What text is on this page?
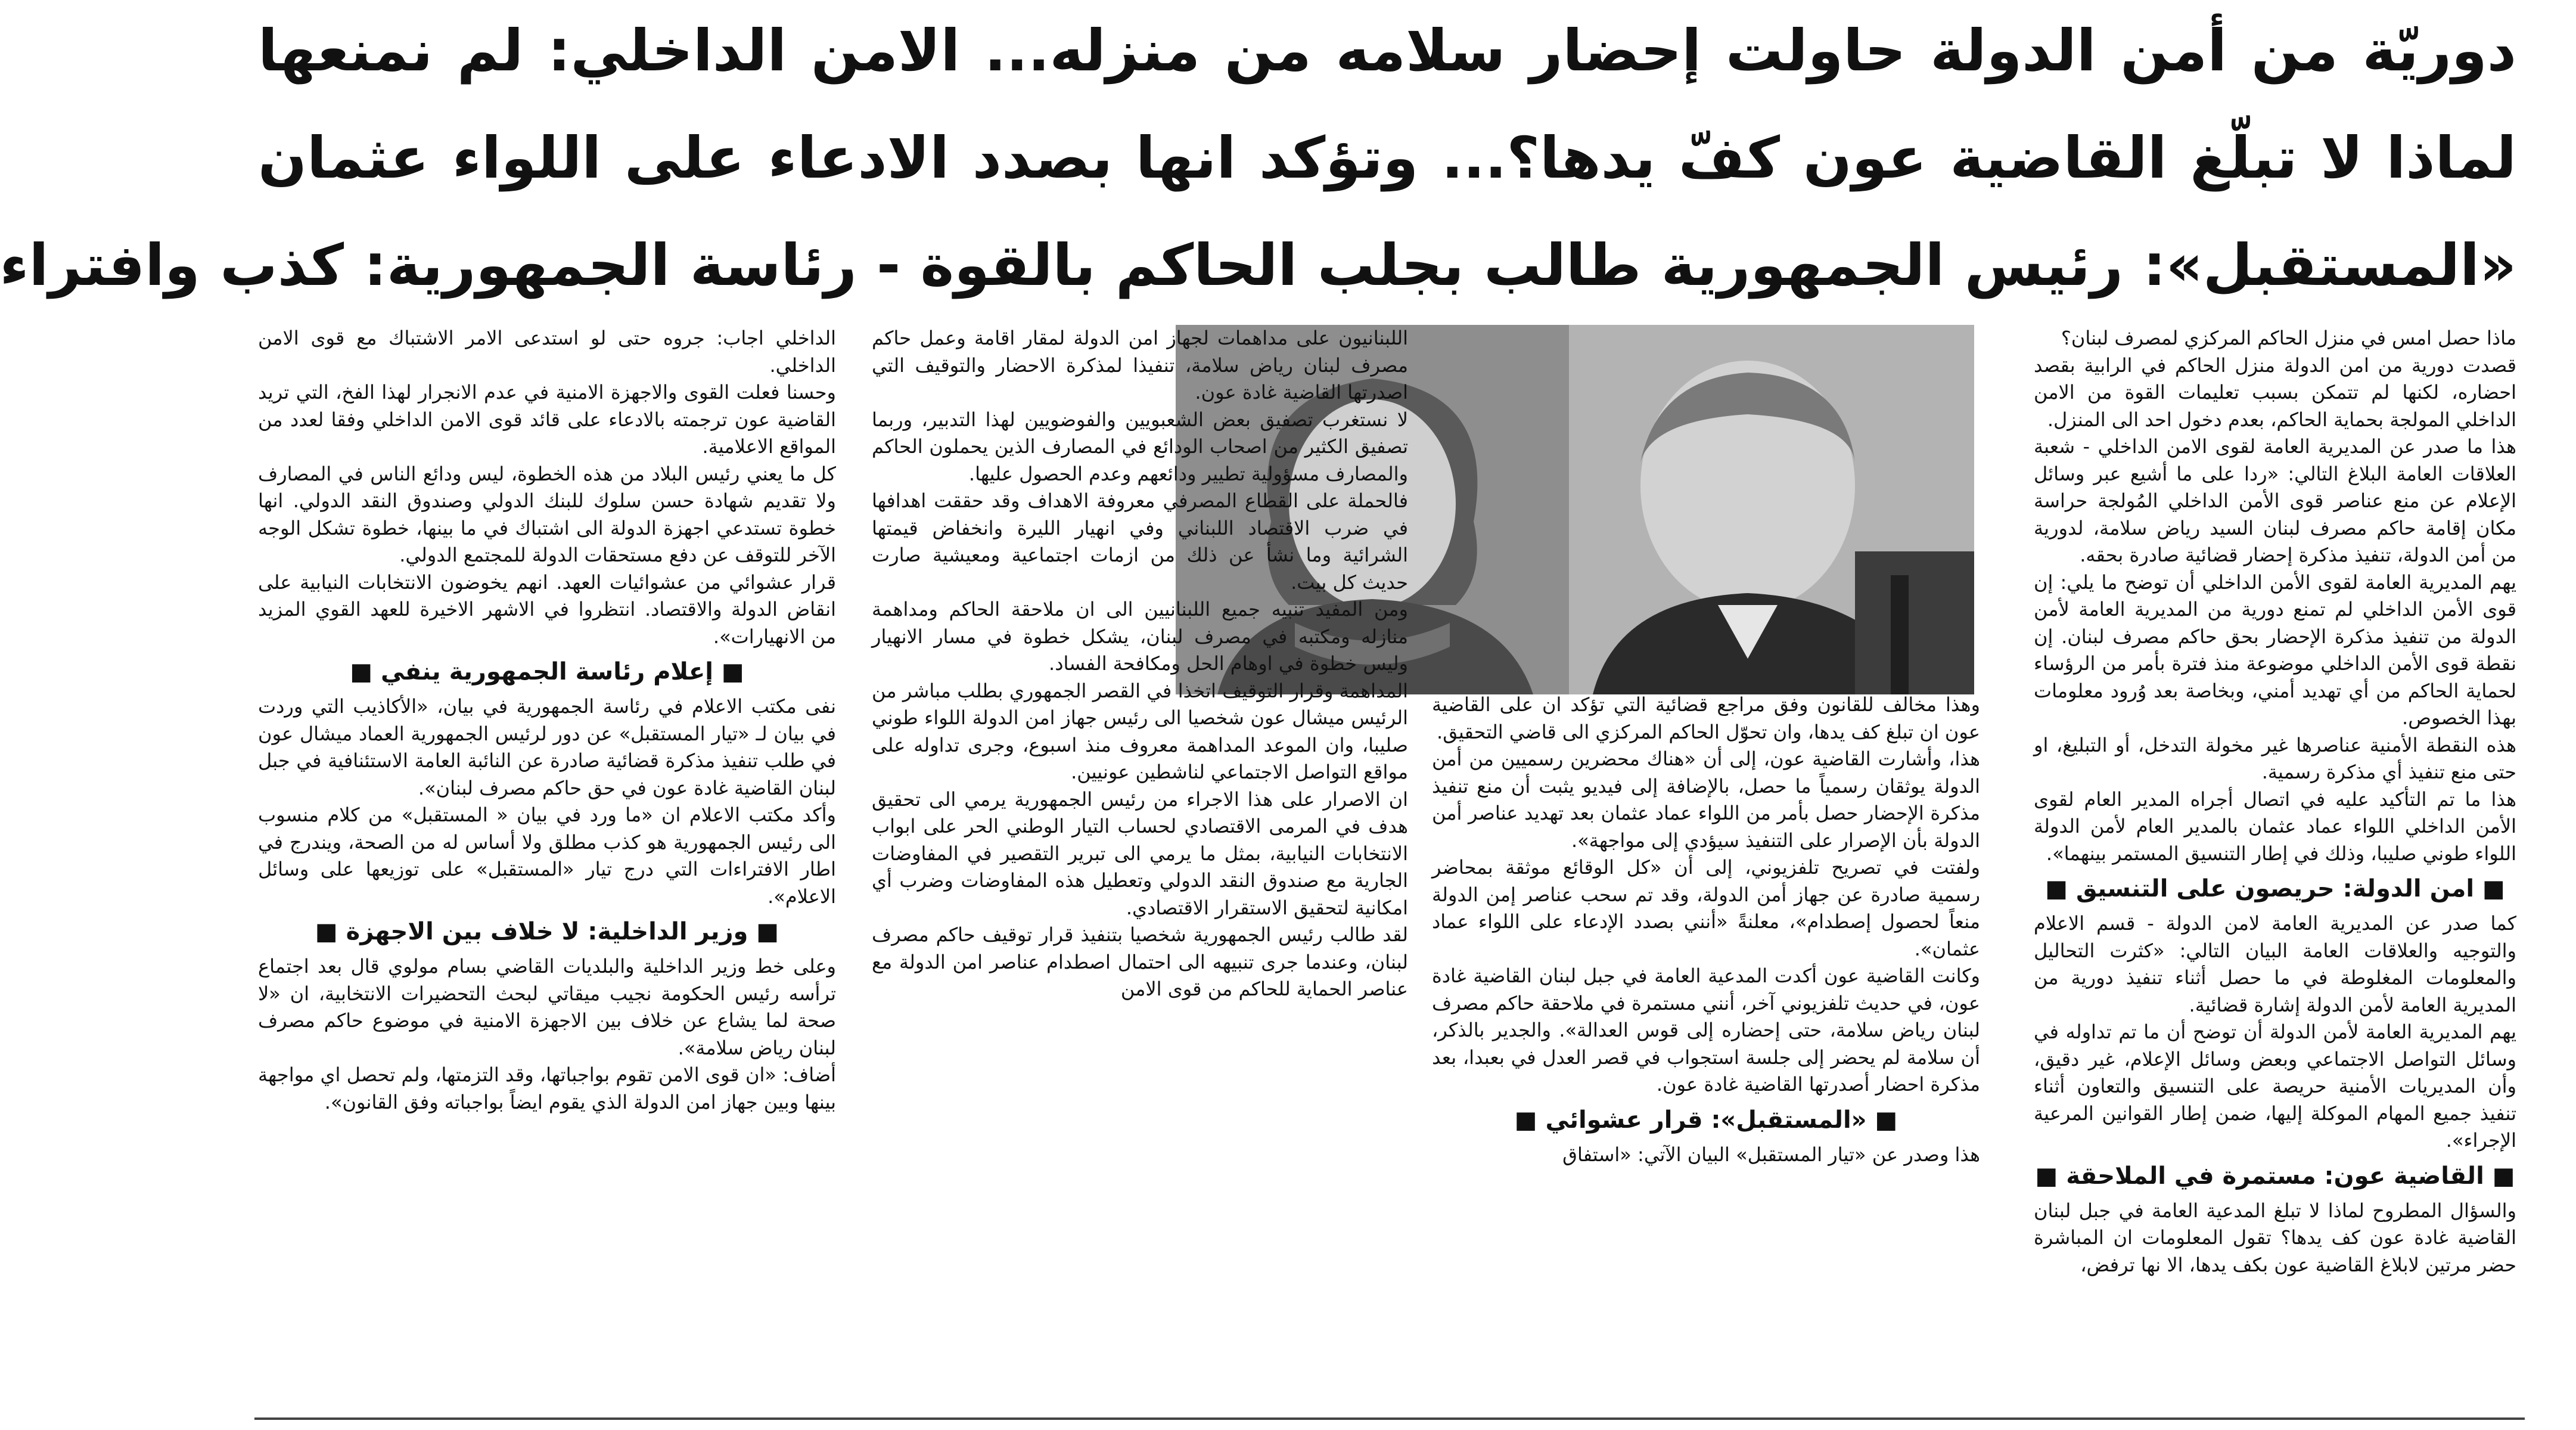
دوريّة من أمن الدولة حاولت إحضار سلامه من منزله... الامن الداخلي: لم نمنعها
لماذا لا تبلّغ القاضية عون كفّ يدها؟... وتؤكد انها بصدد الادعاء على اللواء عثمان
«المستقبل»: رئيس الجمهورية طالب بجلب الحاكم بالقوة - رئاسة الجمهورية: كذب وافتراء

ماذا حصل امس في منزل الحاكم المركزي لمصرف لبنان؟

قصدت دورية من امن الدولة منزل الحاكم في الرابية بقصد احضاره، لكنها لم تتمكن بسبب تعليمات القوة من الامن الداخلي المولجة بحماية الحاكم، بعدم دخول احد الى المنزل.

هذا ما صدر عن المديرية العامة لقوى الامن الداخلي - شعبة العلاقات العامة البلاغ التالي: «ردا على ما أشيع عبر وسائل الإعلام عن منع عناصر قوى الأمن الداخلي المُولجة حراسة مكان إقامة حاكم مصرف لبنان السيد رياض سلامة، لدورية من أمن الدولة، تنفيذ مذكرة إحضار قضائية صادرة بحقه.

يهم المديرية العامة لقوى الأمن الداخلي أن توضح ما يلي: إن قوى الأمن الداخلي لم تمنع دورية من المديرية العامة لأمن الدولة من تنفيذ مذكرة الإحضار بحق حاكم مصرف لبنان. إن نقطة قوى الأمن الداخلي موضوعة منذ فترة بأمر من الرؤساء لحماية الحاكم من أي تهديد أمني، وبخاصة بعد وُرود معلومات بهذا الخصوص.

هذه النقطة الأمنية عناصرها غير مخولة التدخل، أو التبليغ، او حتى منع تنفيذ أي مذكرة رسمية.

هذا ما تم التأكيد عليه في اتصال أجراه المدير العام لقوى الأمن الداخلي اللواء عماد عثمان بالمدير العام لأمن الدولة اللواء طوني صليبا، وذلك في إطار التنسيق المستمر بينهما».

■ امن الدولة: حريصون على التنسيق ■

كما صدر عن المديرية العامة لامن الدولة - قسم الاعلام والتوجيه والعلاقات العامة البيان التالي: «كثرت التحاليل والمعلومات المغلوطة في ما حصل أثناء تنفيذ دورية من المديرية العامة لأمن الدولة إشارة قضائية.

يهم المديرية العامة لأمن الدولة أن توضح أن ما تم تداوله في وسائل التواصل الاجتماعي وبعض وسائل الإعلام، غير دقيق، وأن المديريات الأمنية حريصة على التنسيق والتعاون أثناء تنفيذ جميع المهام الموكلة إليها، ضمن إطار القوانين المرعية الإجراء».

■ القاضية عون: مستمرة في الملاحقة ■

والسؤال المطروح لماذا لا تبلغ المدعية العامة في جبل لبنان القاضية غادة عون كف يدها؟ تقول المعلومات ان المباشرة حضر مرتين لابلاغ القاضية عون بكف يدها، الا نها ترفض،

وهذا مخالف للقانون وفق مراجع قضائية التي تؤكد ان على القاضية عون ان تبلغ كف يدها، وان تحوّل الحاكم المركزي الى قاضي التحقيق.

هذا، وأشارت القاضية عون، إلى أن «هناك محضرين رسميين من أمن الدولة يوثقان رسمياً ما حصل، بالإضافة إلى فيديو يثبت أن منع تنفيذ مذكرة الإحضار حصل بأمر من اللواء عماد عثمان بعد تهديد عناصر أمن الدولة بأن الإصرار على التنفيذ سيؤدي إلى مواجهة».

ولفتت في تصريح تلفزيوني، إلى أن «كل الوقائع موثقة بمحاضر رسمية صادرة عن جهاز أمن الدولة، وقد تم سحب عناصر إمن الدولة منعاً لحصول إصطدام»، معلنةً «أنني بصدد الإدعاء على اللواء عماد عثمان».

وكانت القاضية عون أكدت المدعية العامة في جبل لبنان القاضية غادة عون، في حديث تلفزيوني آخر، أنني مستمرة في ملاحقة حاكم مصرف لبنان رياض سلامة، حتى إحضاره إلى قوس العدالة». والجدير بالذكر، أن سلامة لم يحضر إلى جلسة استجواب في قصر العدل في بعبدا، بعد مذكرة احضار أصدرتها القاضية غادة عون.

■ «المستقبل»: قرار عشوائي ■

هذا وصدر عن «تيار المستقبل» البيان الآتي: «استفاق

اللبنانيون على مداهمات لجهاز امن الدولة لمقار اقامة وعمل حاكم مصرف لبنان رياض سلامة، تنفيذا لمذكرة الاحضار والتوقيف التي اصدرتها القاضية غادة عون.

لا نستغرب تصفيق بعض الشعبويين والفوضويين لهذا التدبير، وربما تصفيق الكثير من اصحاب الودائع في المصارف الذين يحملون الحاكم والمصارف مسؤولية تطيير ودائعهم وعدم الحصول عليها.

فالحملة على القطاع المصرفي معروفة الاهداف وقد حققت اهدافها في ضرب الاقتصاد اللبناني وفي انهيار الليرة وانخفاض قيمتها الشرائية وما نشأ عن ذلك من ازمات اجتماعية ومعيشية صارت حديث كل بيت.

ومن المفيد تنبيه جميع اللبنانيين الى ان ملاحقة الحاكم ومداهمة منازله ومكتبه في مصرف لبنان، يشكل خطوة في مسار الانهيار وليس خطوة في اوهام الحل ومكافحة الفساد.

المداهمة وقرار التوقيف اتخذا في القصر الجمهوري بطلب مباشر من الرئيس ميشال عون شخصيا الى رئيس جهاز امن الدولة اللواء طوني صليبا، وان الموعد المداهمة معروف منذ اسبوع، وجرى تداوله على مواقع التواصل الاجتماعي لناشطين عونيين.

ان الاصرار على هذا الاجراء من رئيس الجمهورية يرمي الى تحقيق هدف في المرمى الاقتصادي لحساب التيار الوطني الحر على ابواب الانتخابات النيابية، بمثل ما يرمي الى تبرير التقصير في المفاوضات الجارية مع صندوق النقد الدولي وتعطيل هذه المفاوضات وضرب أي امكانية لتحقيق الاستقرار الاقتصادي.

لقد طالب رئيس الجمهورية شخصيا بتنفيذ قرار توقيف حاكم مصرف لبنان، وعندما جرى تنبيهه الى احتمال اصطدام عناصر امن الدولة مع عناصر الحماية للحاكم من قوى الامن

الداخلي اجاب: جروه حتى لو استدعى الامر الاشتباك مع قوى الامن الداخلي.

وحسنا فعلت القوى والاجهزة الامنية في عدم الانجرار لهذا الفخ، التي تريد القاضية عون ترجمته بالادعاء على قائد قوى الامن الداخلي وفقا لعدد من المواقع الاعلامية.

كل ما يعني رئيس البلاد من هذه الخطوة، ليس ودائع الناس في المصارف ولا تقديم شهادة حسن سلوك للبنك الدولي وصندوق النقد الدولي. انها خطوة تستدعي اجهزة الدولة الى اشتباك في ما بينها، خطوة تشكل الوجه الآخر للتوقف عن دفع مستحقات الدولة للمجتمع الدولي.

قرار عشوائي من عشوائيات العهد. انهم يخوضون الانتخابات النيابية على انقاض الدولة والاقتصاد. انتظروا في الاشهر الاخيرة للعهد القوي المزيد من الانهيارات».

■ إعلام رئاسة الجمهورية ينفي ■

نفى مكتب الاعلام في رئاسة الجمهورية في بيان، «الأكاذيب التي وردت في بيان لـ «تيار المستقبل» عن دور لرئيس الجمهورية العماد ميشال عون في طلب تنفيذ مذكرة قضائية صادرة عن النائبة العامة الاستئنافية في جبل لبنان القاضية غادة عون في حق حاكم مصرف لبنان».

وأكد مكتب الاعلام ان «ما ورد في بيان « المستقبل» من كلام منسوب الى رئيس الجمهورية هو كذب مطلق ولا أساس له من الصحة، ويندرج في اطار الافتراءات التي درج تيار «المستقبل» على توزيعها على وسائل الاعلام».

■ وزير الداخلية: لا خلاف بين الاجهزة ■

وعلى خط وزير الداخلية والبلديات القاضي بسام مولوي قال بعد اجتماع ترأسه رئيس الحكومة نجيب ميقاتي لبحث التحضيرات الانتخابية، ان «لا صحة لما يشاع عن خلاف بين الاجهزة الامنية في موضوع حاكم مصرف لبنان رياض سلامة».

أضاف: «ان قوى الامن تقوم بواجباتها، وقد التزمتها، ولم تحصل اي مواجهة بينها وبين جهاز امن الدولة الذي يقوم ايضاً بواجباته وفق القانون».
